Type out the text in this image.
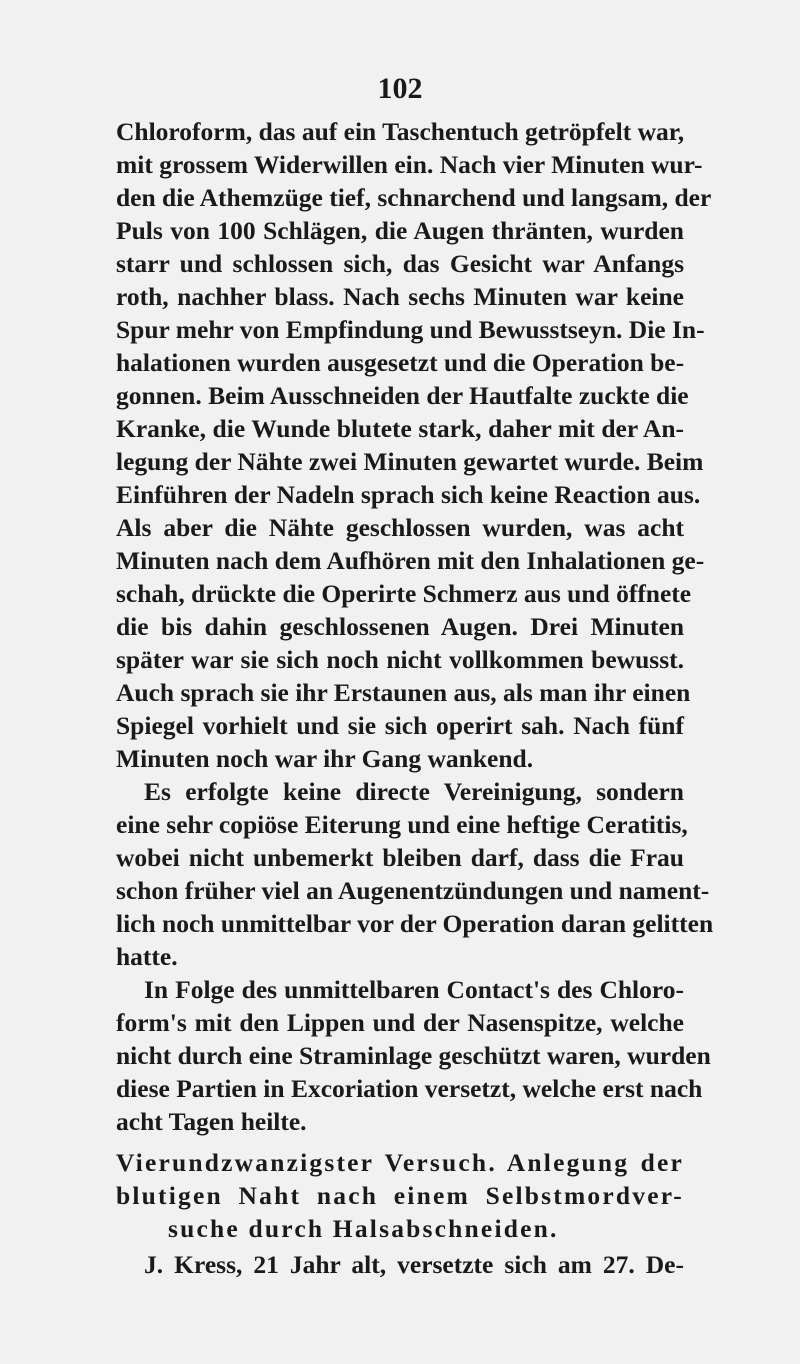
102
Chloroform, das auf ein Taschentuch getröpfelt war,
mit grossem Widerwillen ein. Nach vier Minuten wur-
den die Athemzüge tief, schnarchend und langsam, der
Puls von 100 Schlägen, die Augen thränten, wurden
starr und schlossen sich, das Gesicht war Anfangs
roth, nachher blass. Nach sechs Minuten war keine
Spur mehr von Empfindung und Bewusstseyn. Die In-
halationen wurden ausgesetzt und die Operation be-
gonnen. Beim Ausschneiden der Hautfalte zuckte die
Kranke, die Wunde blutete stark, daher mit der An-
legung der Nähte zwei Minuten gewartet wurde. Beim
Einführen der Nadeln sprach sich keine Reaction aus.
Als aber die Nähte geschlossen wurden, was acht
Minuten nach dem Aufhören mit den Inhalationen ge-
schah, drückte die Operirte Schmerz aus und öffnete
die bis dahin geschlossenen Augen. Drei Minuten
später war sie sich noch nicht vollkommen bewusst.
Auch sprach sie ihr Erstaunen aus, als man ihr einen
Spiegel vorhielt und sie sich operirt sah. Nach fünf
Minuten noch war ihr Gang wankend.
Es erfolgte keine directe Vereinigung, sondern
eine sehr copiöse Eiterung und eine heftige Ceratitis,
wobei nicht unbemerkt bleiben darf, dass die Frau
schon früher viel an Augenentzündungen und nament-
lich noch unmittelbar vor der Operation daran gelitten
hatte.
In Folge des unmittelbaren Contact's des Chloro-
form's mit den Lippen und der Nasenspitze, welche
nicht durch eine Straminlage geschützt waren, wurden
diese Partien in Excoriation versetzt, welche erst nach
acht Tagen heilte.
Vierundzwanzigster Versuch. Anlegung der
blutigen Naht nach einem Selbstmordver-
suche durch Halsabschneiden.
J. Kress, 21 Jahr alt, versetzte sich am 27. De-
